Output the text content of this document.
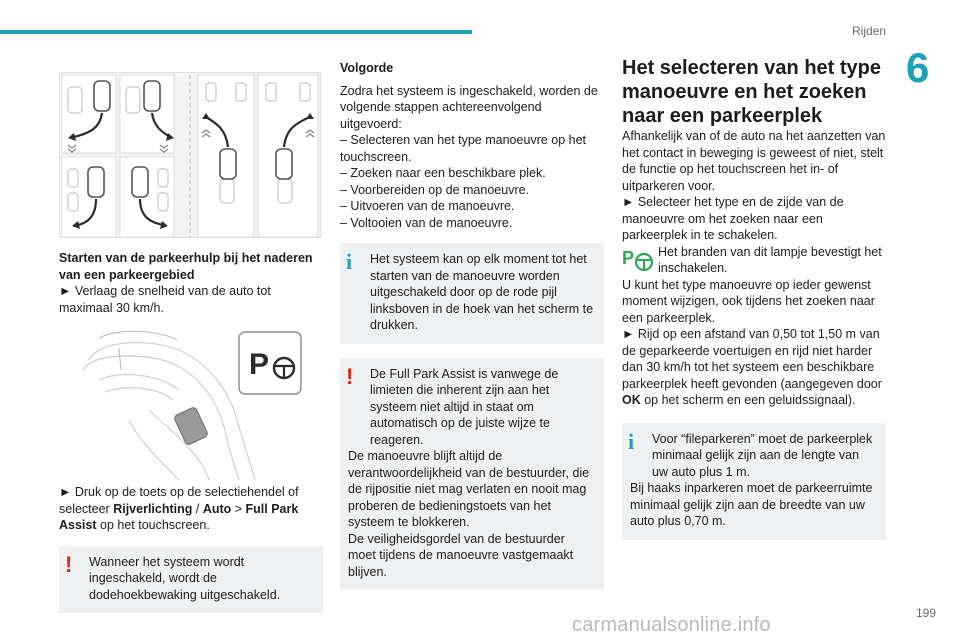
Rijden
6

Starten van de parkeerhulp bij het naderen van een parkeergebied

► Verlaag de snelheid van de auto tot maximaal 30 km/h.

P

► Druk op de toets op de selectiehendel of selecteer Rijverlichting / Auto > Full Park Assist op het touchscreen.

!	Wanneer het systeem wordt ingeschakeld, wordt de dodehoekbewaking uitgeschakeld.

Volgorde

Zodra het systeem is ingeschakeld, worden de volgende stappen achtereenvolgend uitgevoerd:

– Selecteren van het type manoeuvre op het touchscreen.

– Zoeken naar een beschikbare plek.

– Voorbereiden op de manoeuvre.

– Uitvoeren van de manoeuvre.

– Voltooien van de manoeuvre.

i	Het systeem kan op elk moment tot het starten van de manoeuvre worden uitgeschakeld door op de rode pijl linksboven in de hoek van het scherm te drukken.

!	De Full Park Assist is vanwege de limieten die inherent zijn aan het systeem niet altijd in staat om automatisch op de juiste wijze te reageren.

De manoeuvre blijft altijd de verantwoordelijkheid van de bestuurder, die de rijpositie niet mag verlaten en nooit mag proberen de bedieningstoets van het systeem te blokkeren.

De veiligheidsgordel van de bestuurder moet tijdens de manoeuvre vastgemaakt blijven.

Het selecteren van het type manoeuvre en het zoeken naar een parkeerplek

Afhankelijk van of de auto na het aanzetten van het contact in beweging is geweest of niet, stelt de functie op het touchscreen het in- of uitparkeren voor.

► Selecteer het type en de zijde van de manoeuvre om het zoeken naar een parkeerplek in te schakelen.

P Het branden van dit lampje bevestigt het inschakelen.

U kunt het type manoeuvre op ieder gewenst moment wijzigen, ook tijdens het zoeken naar een parkeerplek.

► Rijd op een afstand van 0,50 tot 1,50 m van de geparkeerde voertuigen en rijd niet harder dan 30 km/h tot het systeem een beschikbare parkeerplek heeft gevonden (aangegeven door OK op het scherm en een geluidssignaal).

i	Voor “fileparkeren” moet de parkeerplek minimaal gelijk zijn aan de lengte van uw auto plus 1 m.

Bij haaks inparkeren moet de parkeerruimte minimaal gelijk zijn aan de breedte van uw auto plus 0,70 m.

carmanualsonline.info
199
